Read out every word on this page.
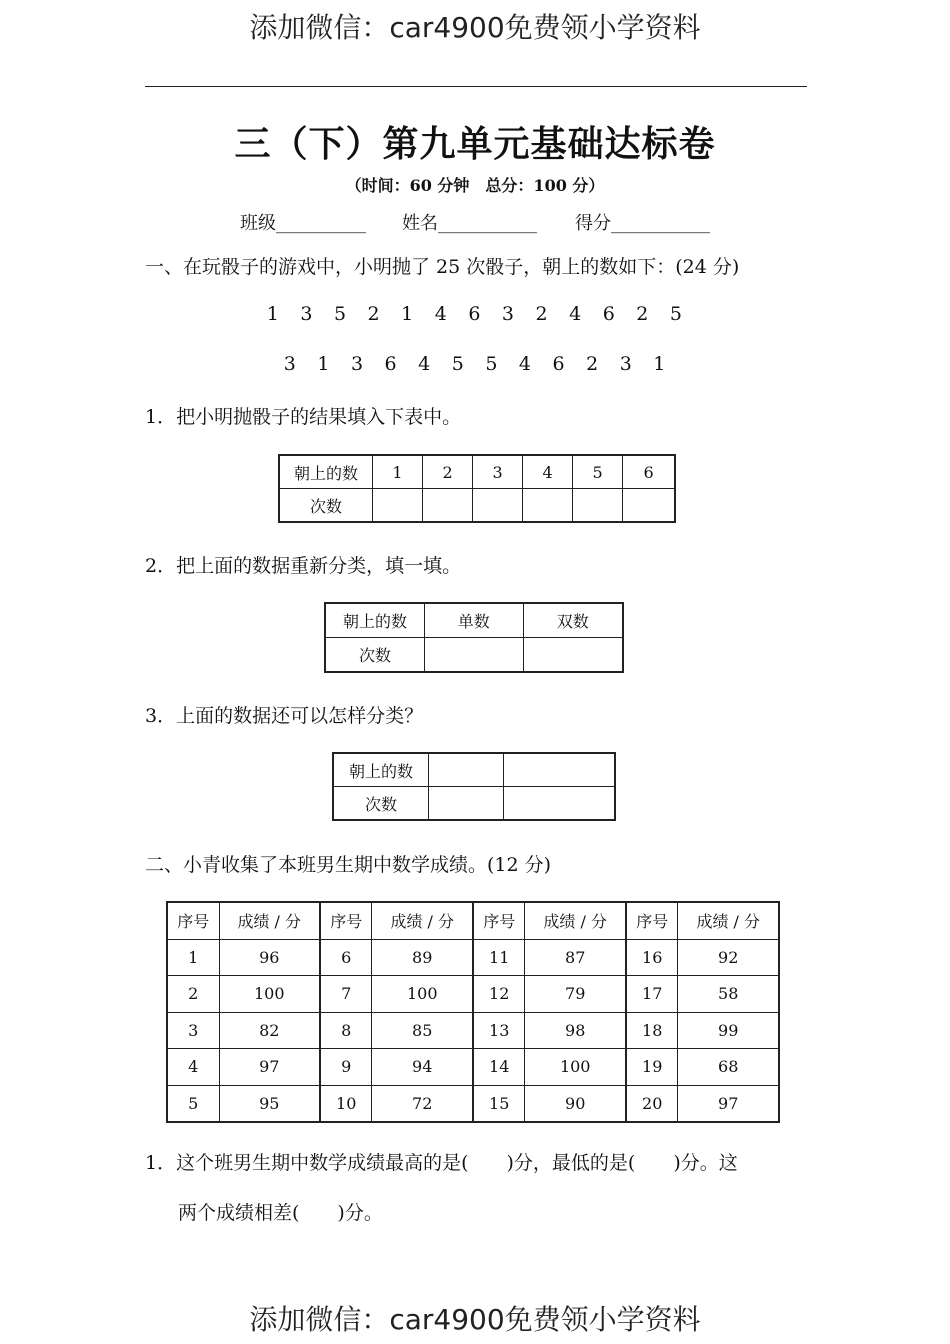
添加微信：car4900免费领小学资料
三（下）第九单元基础达标卷
（时间：60 分钟　总分：100 分）
班级__________ 姓名___________ 得分___________
一、在玩骰子的游戏中，小明抛了 25 次骰子，朝上的数如下：(24 分)
1 3 5 2 1 4 6 3 2 4 6 2 5
3 1 3 6 4 5 5 4 6 2 3 1
1．把小明抛骰子的结果填入下表中。
朝上的数	1	2	3	4	5	6
次数						
2．把上面的数据重新分类，填一填。
朝上的数	单数	双数
次数		
3．上面的数据还可以怎样分类？
朝上的数		
次数		
二、小青收集了本班男生期中数学成绩。(12 分)
序号	成绩 / 分	序号	成绩 / 分	序号	成绩 / 分	序号	成绩 / 分
1	96	6	89	11	87	16	92
2	100	7	100	12	79	17	58
3	82	8	85	13	98	18	99
4	97	9	94	14	100	19	68
5	95	10	72	15	90	20	97
1．这个班男生期中数学成绩最高的是(　　)分，最低的是(　　)分。这
两个成绩相差(　　)分。
添加微信：car4900免费领小学资料
